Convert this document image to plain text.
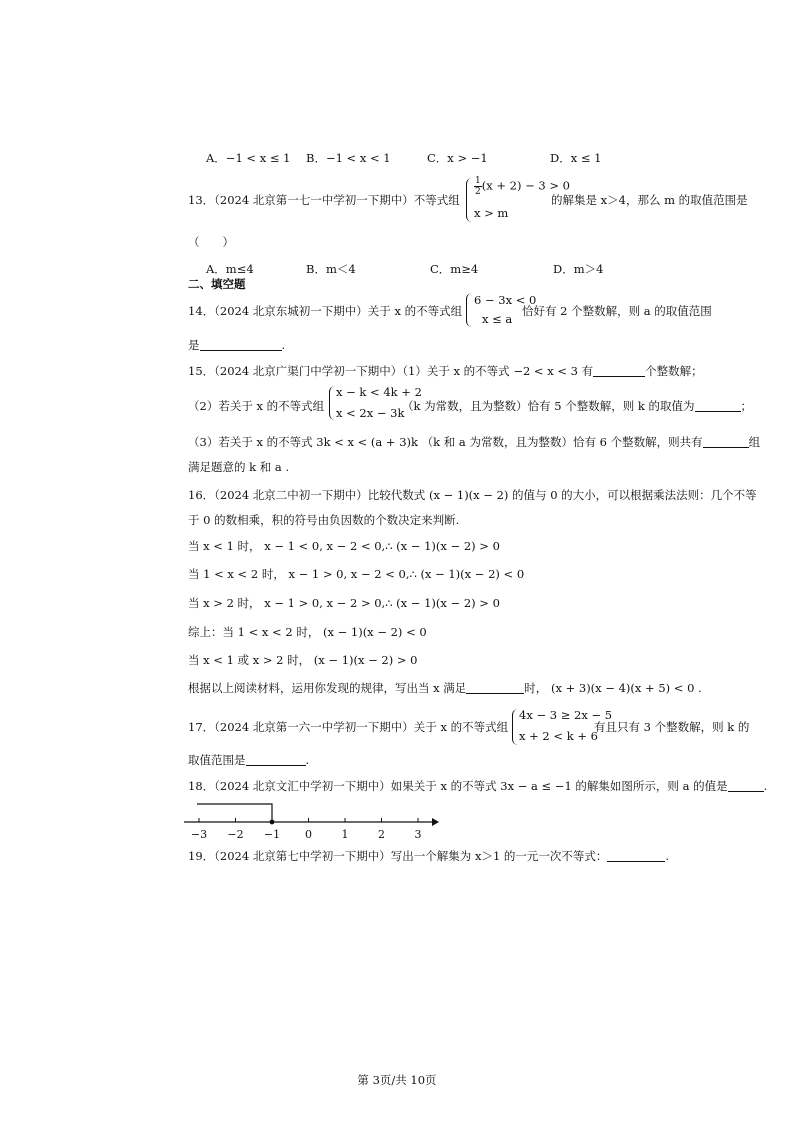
A．−1 < x ≤ 1 B．−1 < x < 1	C．x > −1	D．x ≤ 1
13．（2024 北京第一七一中学初一下期中）不等式组
$\frac{1}{2} (x + 2) - 3 > 0$
x > m
的解集是 x＞4，那么 m 的取值范围是
（　　）
A．m≤4	B．m＜4	C．m≥4	D．m＞4
二、填空题
14．（2024 北京东城初一下期中）关于 x 的不等式组
6 − 3x < 0
x ≤ a
恰好有 2 个整数解，则 a 的取值范围
是	.
15．（2024 北京广渠门中学初一下期中）（1）关于 x 的不等式 −2 < x < 3 有	个整数解；
（2）若关于 x 的不等式组
x − k < 4k + 2
x < 2x − 3k
（k 为常数，且为整数）恰有 5 个整数解，则 k 的取值为	；
（3）若关于 x 的不等式 3k < x < (a + 3)k （k 和 a 为常数，且为整数）恰有 6 个整数解，则共有	组
满足题意的 k 和 a .
16．（2024 北京二中初一下期中）比较代数式 (x − 1)(x − 2) 的值与 0 的大小，可以根据乘法法则：几个不等
于 0 的数相乘，积的符号由负因数的个数决定来判断.
当 x < 1 时， x − 1 < 0, x − 2 < 0,∴ (x − 1)(x − 2) > 0
当 1 < x < 2 时， x − 1 > 0, x − 2 < 0,∴ (x − 1)(x − 2) < 0
当 x > 2 时， x − 1 > 0, x − 2 > 0,∴ (x − 1)(x − 2) > 0
综上：当 1 < x < 2 时， (x − 1)(x − 2) < 0
当 x < 1 或 x > 2 时， (x − 1)(x − 2) > 0
根据以上阅读材料，运用你发现的规律，写出当 x 满足	时， (x + 3)(x − 4)(x + 5) < 0 .
17．（2024 北京第一六一中学初一下期中）关于 x 的不等式组
4x − 3 ≥ 2x − 5
x + 2 < k + 6
有且只有 3 个整数解，则 k 的
取值范围是	.
18．（2024 北京文汇中学初一下期中）如果关于 x 的不等式 3x − a ≤ −1 的解集如图所示，则 a 的值是	.
−3 −2 −1 0	1	2	3
19．（2024 北京第七中学初一下期中）写出一个解集为 x＞1 的一元一次不等式：	.
第 3页/共 10页
